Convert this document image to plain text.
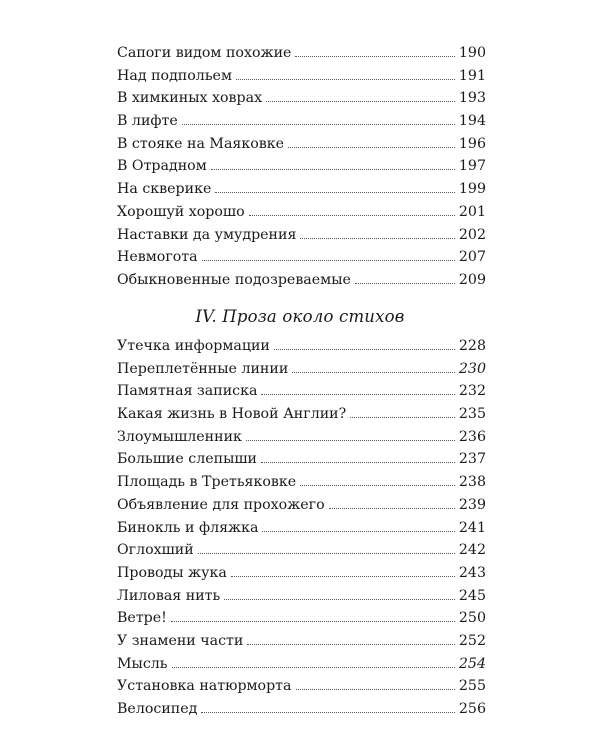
Сапоги видом похожие	190
Над подпольем	191
В химкиных ховрах	193
В лифте	194
В стояке на Маяковке	196
В Отрадном	197
На скверике	199
Хорошуй хорошо	201
Наставки да умудрения	202
Невмогота	207
Обыкновенные подозреваемые	209
IV. Проза около стихов
Утечка информации	228
Переплетённые линии	230
Памятная записка	232
Какая жизнь в Новой Англии?	235
Злоумышленник	236
Большие слепыши	237
Площадь в Третьяковке	238
Объявление для прохожего	239
Бинокль и фляжка	241
Оглохший	242
Проводы жука	243
Лиловая нить	245
Ветре!	250
У знамени части	252
Мысль	254
Установка натюрморта	255
Велосипед	256
